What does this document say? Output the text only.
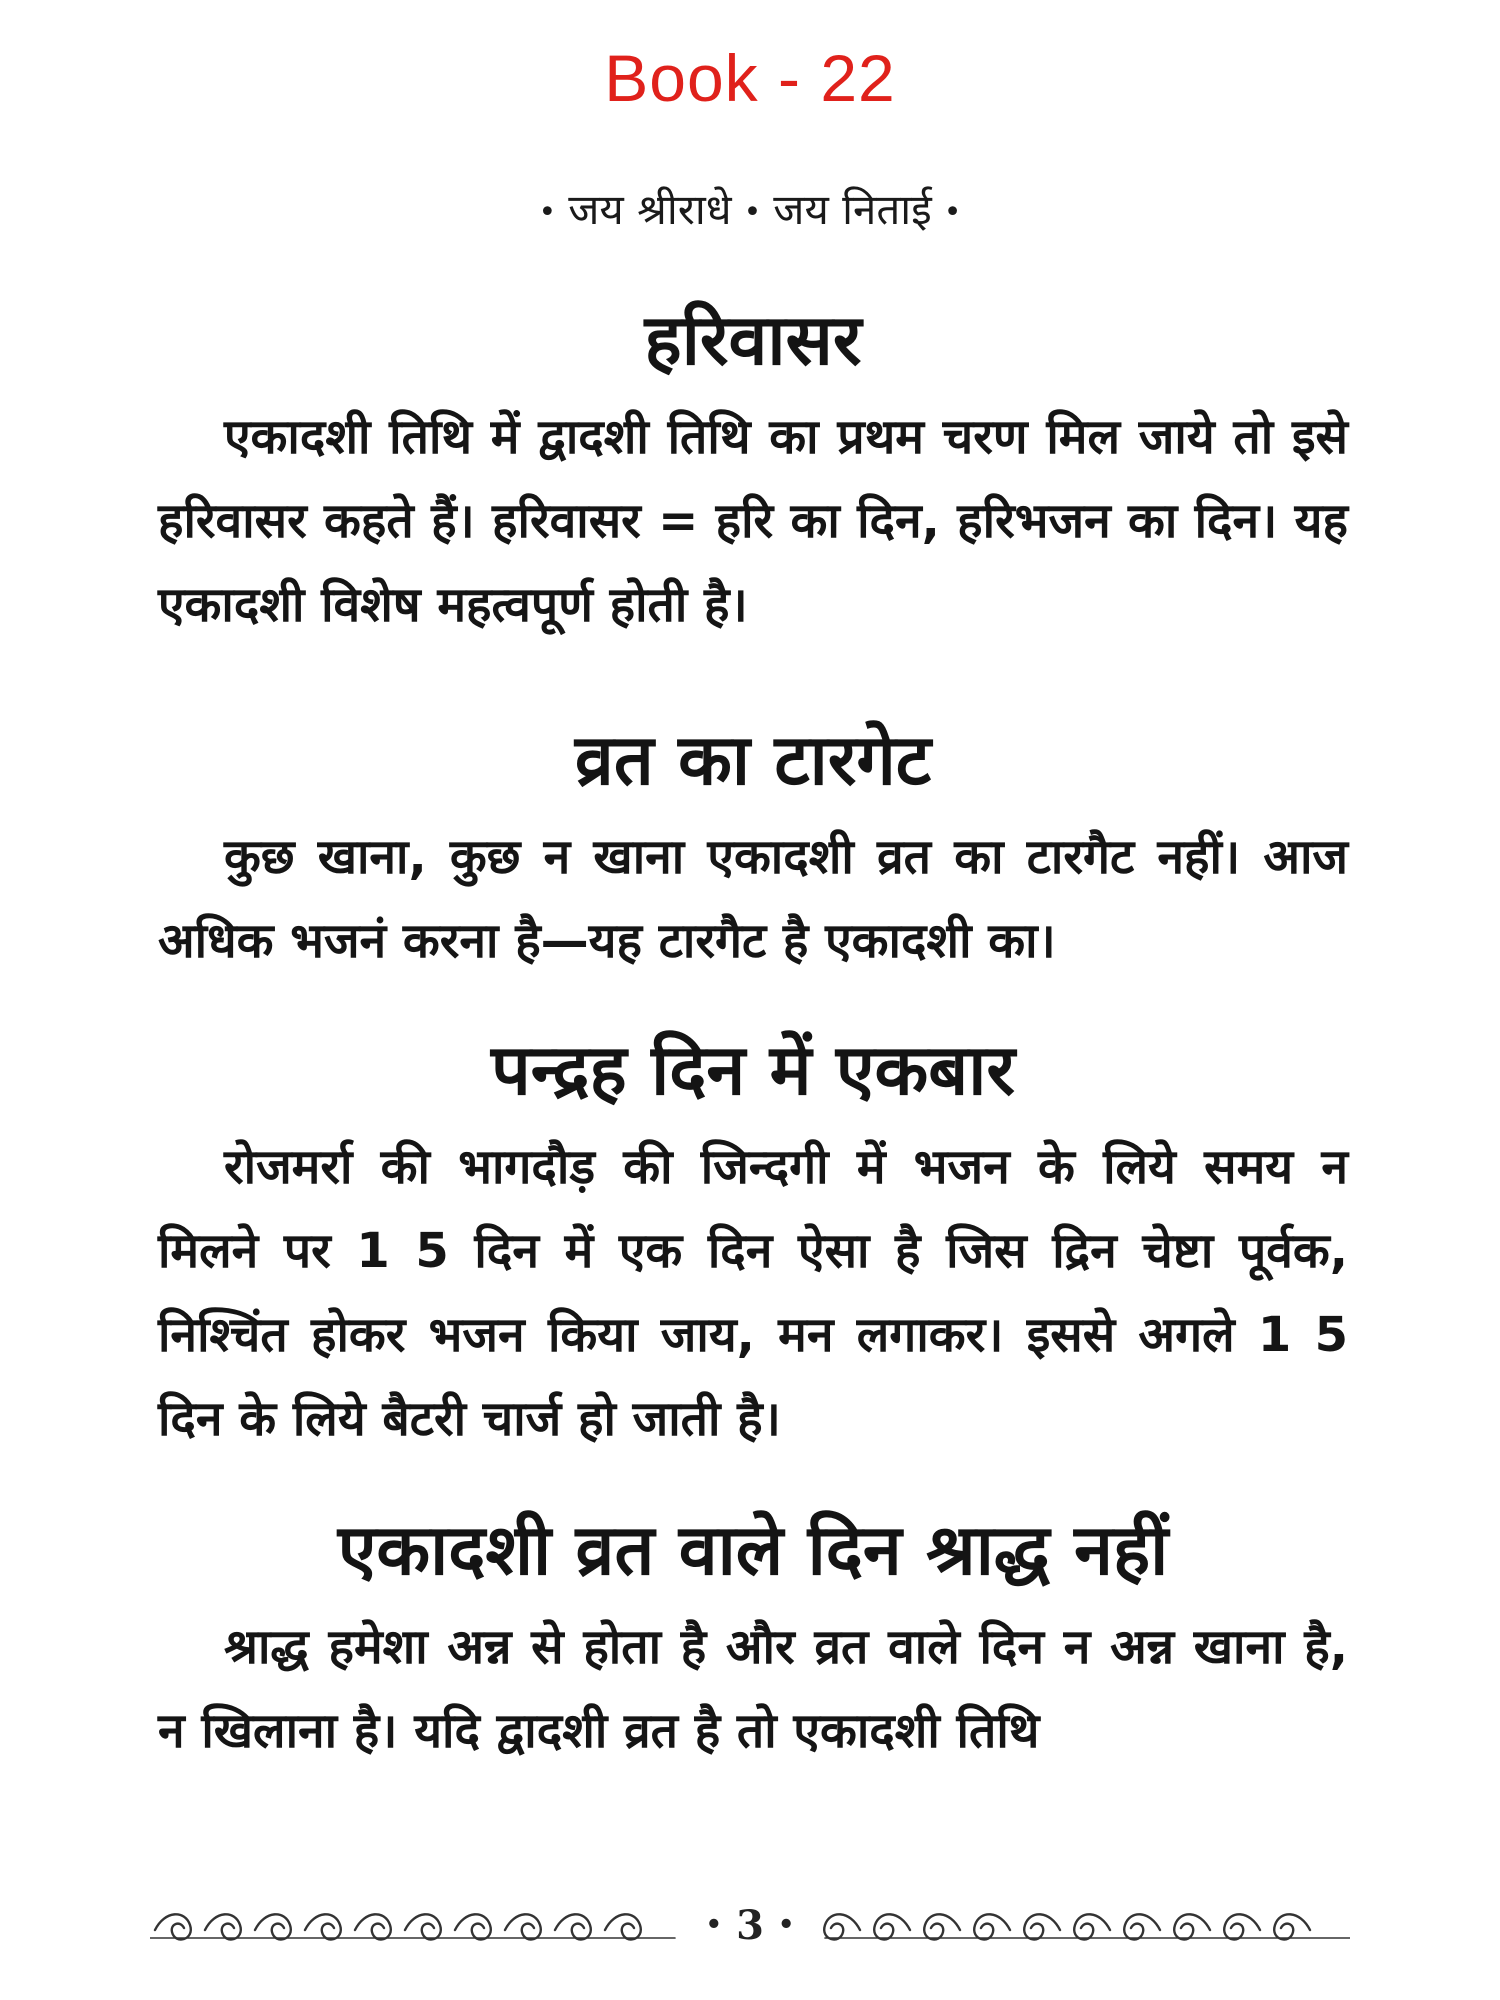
Book - 22
• जय श्रीराधे • जय निताई •
हरिवासर

एकादशी तिथि में द्वादशी तिथि का प्रथम चरण मिल जाये तो इसे हरिवासर कहते हैं। हरिवासर = हरि का दिन, हरिभजन का दिन। यह एकादशी विशेष महत्वपूर्ण होती है।

व्रत का टारगेट

कुछ खाना, कुछ न खाना एकादशी व्रत का टारगैट नहीं। आज अधिक भजनं करना है—यह टारगैट है एकादशी का।

पन्द्रह दिन में एकबार

रोजमर्रा की भागदौड़ की जिन्दगी में भजन के लिये समय न मिलने पर 1 5 दिन में एक दिन ऐसा है जिस द्रिन चेष्टा पूर्वक, निश्चिंत होकर भजन किया जाय, मन लगाकर। इससे अगले 1 5 दिन के लिये बैटरी चार्ज हो जाती है।

एकादशी व्रत वाले दिन श्राद्ध नहीं

श्राद्ध हमेशा अन्न से होता है और व्रत वाले दिन न अन्न खाना है, न खिलाना है। यदि द्वादशी व्रत है तो एकादशी तिथि

• 3 •
